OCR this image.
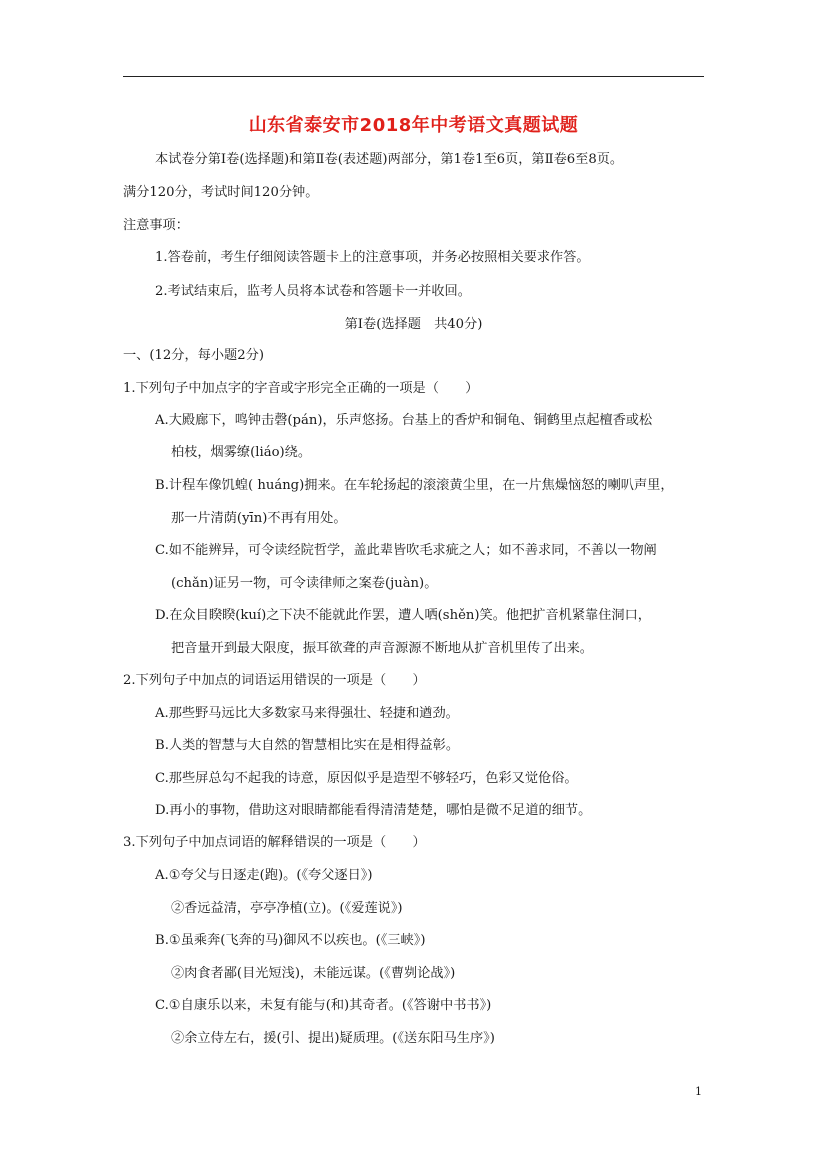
山东省泰安市2018年中考语文真题试题
本试卷分第Ⅰ卷(选择题)和第Ⅱ卷(表述题)两部分，第1卷1至6页，第Ⅱ卷6至8页。
满分120分，考试时间120分钟。
注意事项：
1.答卷前，考生仔细阅读答题卡上的注意事项，并务必按照相关要求作答。
2.考试结束后，监考人员将本试卷和答题卡一并收回。
第Ⅰ卷(选择题　共40分)
一、(12分，每小题2分)
1.下列句子中加点字的字音或字形完全正确的一项是（　　）
A.大殿廊下，鸣钟击磬(pán)，乐声悠扬。台基上的香炉和铜龟、铜鹤里点起檀香或松
柏枝，烟雾缭(liáo)绕。
B.计程车像饥蝗( huáng)拥来。在车轮扬起的滚滚黄尘里，在一片焦燥恼怒的喇叭声里，
那一片清荫(yīn)不再有用处。
C.如不能辨异，可令读经院哲学，盖此辈皆吹毛求疵之人；如不善求同，不善以一物阐
(chǎn)证另一物，可令读律师之案卷(juàn)。
D.在众目睽睽(kuí)之下决不能就此作罢，遭人哂(shěn)笑。他把扩音机紧靠住洞口，
把音量开到最大限度，振耳欲聋的声音源源不断地从扩音机里传了出来。
2.下列句子中加点的词语运用错误的一项是（　　）
A.那些野马远比大多数家马来得强壮、轻捷和遒劲。
B.人类的智慧与大自然的智慧相比实在是相得益彰。
C.那些屏总勾不起我的诗意，原因似乎是造型不够轻巧，色彩又觉伧俗。
D.再小的事物，借助这对眼睛都能看得清清楚楚，哪怕是微不足道的细节。
3.下列句子中加点词语的解释错误的一项是（　　）
A.①夸父与日逐走(跑)。(《夸父逐日》)
②香远益清，亭亭净植(立)。(《爱莲说》)
B.①虽乘奔(飞奔的马)御风不以疾也。(《三峡》)
②肉食者鄙(目光短浅)，未能远谋。(《曹刿论战》)
C.①自康乐以来，未复有能与(和)其奇者。(《答谢中书书》)
②余立侍左右，援(引、提出)疑质理。(《送东阳马生序》)
1
